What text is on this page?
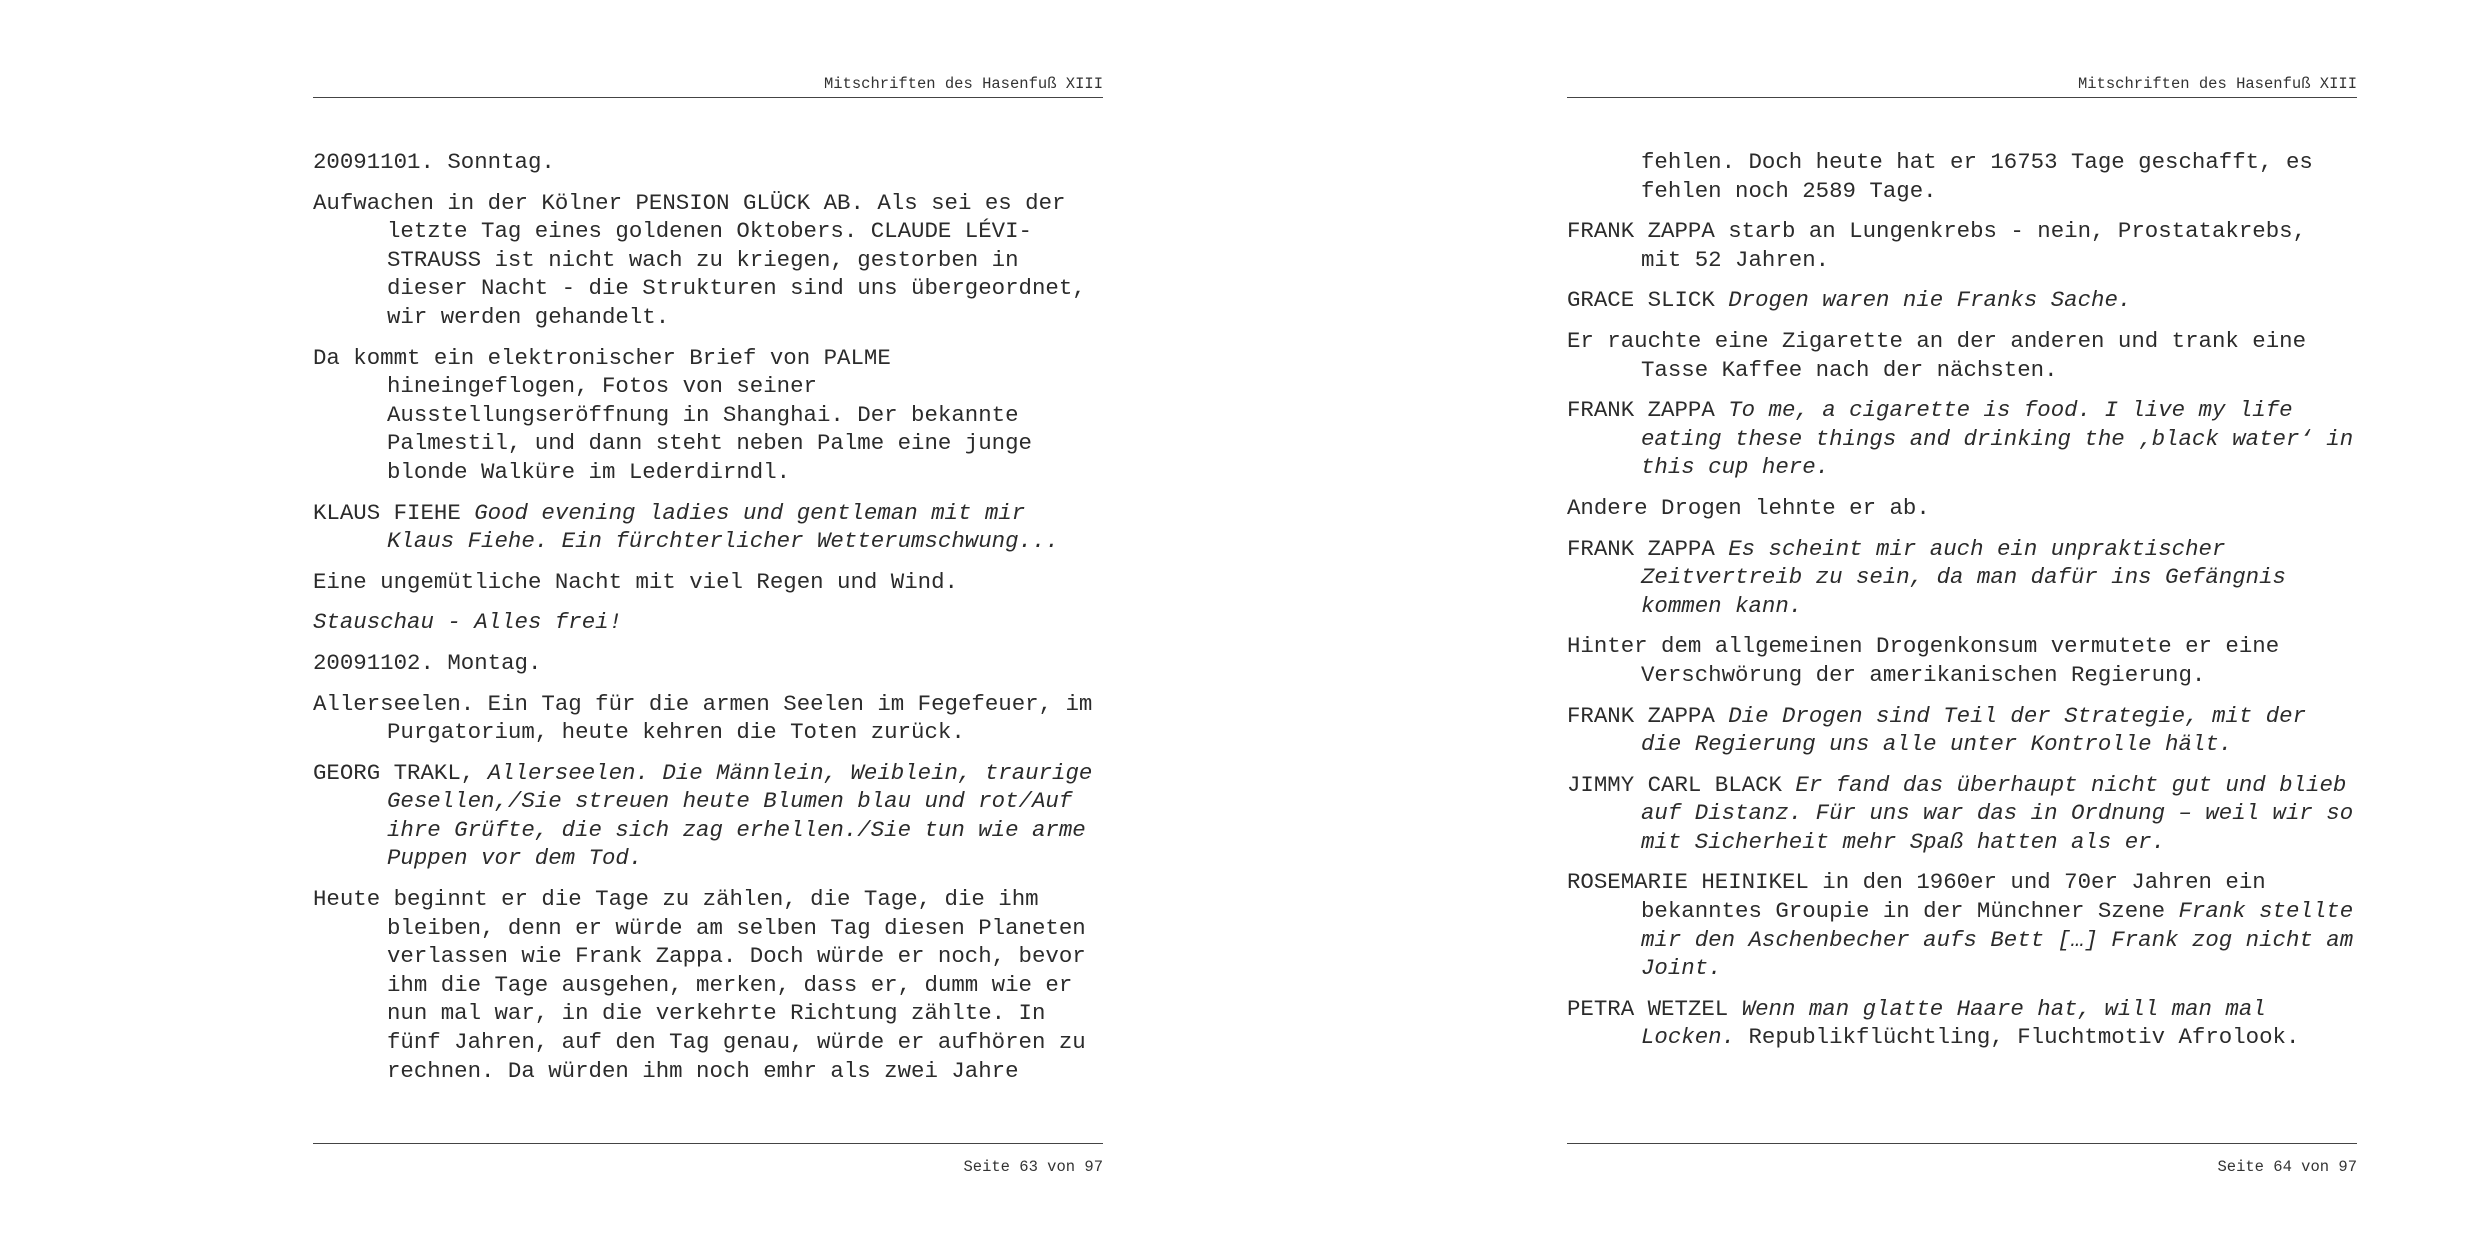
Mitschriften des Hasenfuß XIII

20091101. Sonntag.

Aufwachen in der Kölner PENSION GLÜCK AB. Als sei es der letzte Tag eines goldenen Oktobers. CLAUDE LÉVI-STRAUSS ist nicht wach zu kriegen, gestorben in dieser Nacht - die Strukturen sind uns übergeordnet, wir werden gehandelt.

Da kommt ein elektronischer Brief von PALME hineingeflogen, Fotos von seiner Ausstellungseröffnung in Shanghai. Der bekannte Palmestil, und dann steht neben Palme eine junge blonde Walküre im Lederdirndl.

KLAUS FIEHE Good evening ladies und gentleman mit mir Klaus Fiehe. Ein fürchterlicher Wetterumschwung...

Eine ungemütliche Nacht mit viel Regen und Wind.

Stauschau - Alles frei!

20091102. Montag.

Allerseelen. Ein Tag für die armen Seelen im Fegefeuer, im Purgatorium, heute kehren die Toten zurück.

GEORG TRAKL, Allerseelen. Die Männlein, Weiblein, traurige Gesellen,/Sie streuen heute Blumen blau und rot/Auf ihre Grüfte, die sich zag erhellen./Sie tun wie arme Puppen vor dem Tod.

Heute beginnt er die Tage zu zählen, die Tage, die ihm bleiben, denn er würde am selben Tag diesen Planeten verlassen wie Frank Zappa. Doch würde er noch, bevor ihm die Tage ausgehen, merken, dass er, dumm wie er nun mal war, in die verkehrte Richtung zählte. In fünf Jahren, auf den Tag genau, würde er aufhören zu rechnen. Da würden ihm noch emhr als zwei Jahre

Seite 63 von 97
Mitschriften des Hasenfuß XIII

fehlen. Doch heute hat er 16753 Tage geschafft, es fehlen noch 2589 Tage.

FRANK ZAPPA starb an Lungenkrebs - nein, Prostatakrebs, mit 52 Jahren.

GRACE SLICK Drogen waren nie Franks Sache.

Er rauchte eine Zigarette an der anderen und trank eine Tasse Kaffee nach der nächsten.

FRANK ZAPPA To me, a cigarette is food. I live my life eating these things and drinking the ‚black water‘ in this cup here.

Andere Drogen lehnte er ab.

FRANK ZAPPA Es scheint mir auch ein unpraktischer Zeitvertreib zu sein, da man dafür ins Gefängnis kommen kann.

Hinter dem allgemeinen Drogenkonsum vermutete er eine Verschwörung der amerikanischen Regierung.

FRANK ZAPPA Die Drogen sind Teil der Strategie, mit der die Regierung uns alle unter Kontrolle hält.

JIMMY CARL BLACK Er fand das überhaupt nicht gut und blieb auf Distanz. Für uns war das in Ordnung – weil wir so mit Sicherheit mehr Spaß hatten als er.

ROSEMARIE HEINIKEL in den 1960er und 70er Jahren ein bekanntes Groupie in der Münchner Szene Frank stellte mir den Aschenbecher aufs Bett […] Frank zog nicht am Joint.

PETRA WETZEL Wenn man glatte Haare hat, will man mal Locken. Republikflüchtling, Fluchtmotiv Afrolook.

Seite 64 von 97
